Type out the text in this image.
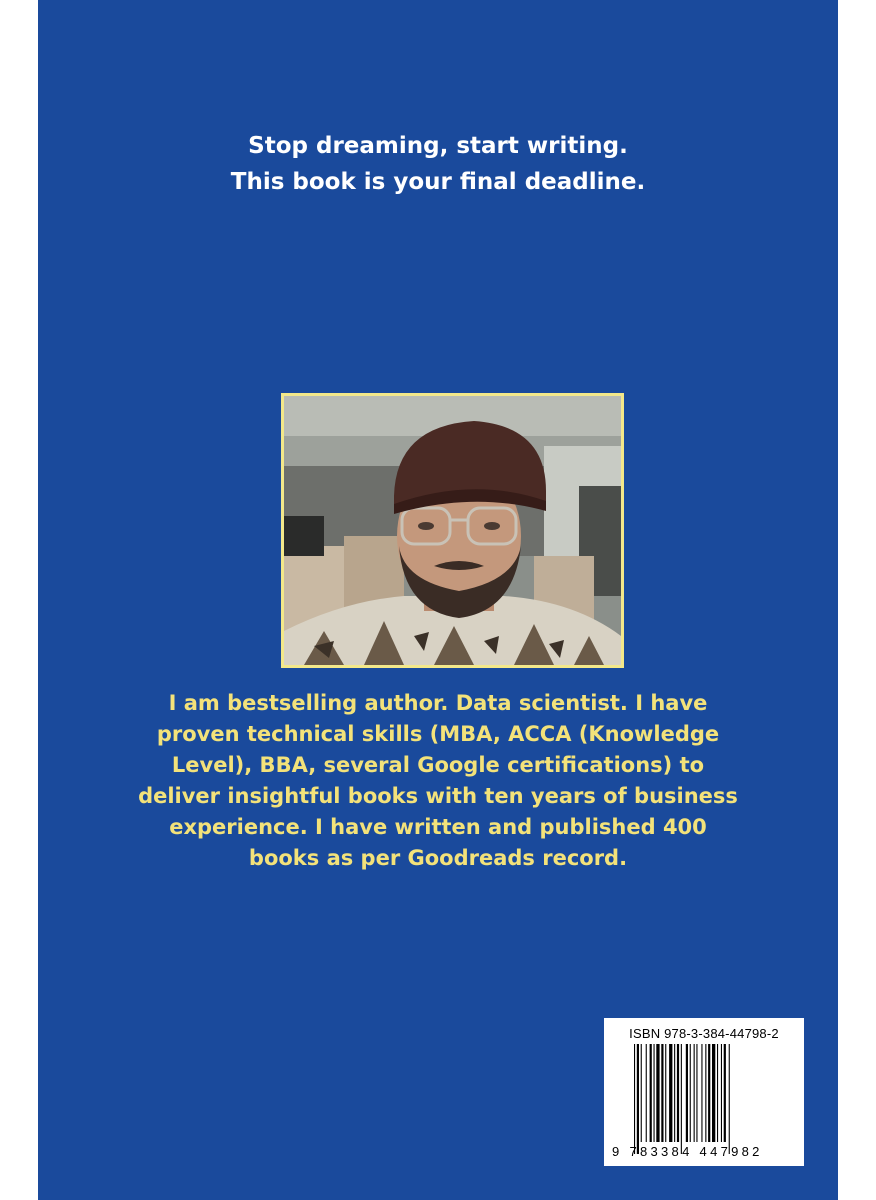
Stop dreaming, start writing.
This book is your final deadline.
I am bestselling author. Data scientist. I have
proven technical skills (MBA, ACCA (Knowledge
Level), BBA, several Google certifications) to
deliver insightful books with ten years of business
experience. I have written and published 400
books as per Goodreads record.
ISBN 978-3-384-44798-2
9 783384 447982
